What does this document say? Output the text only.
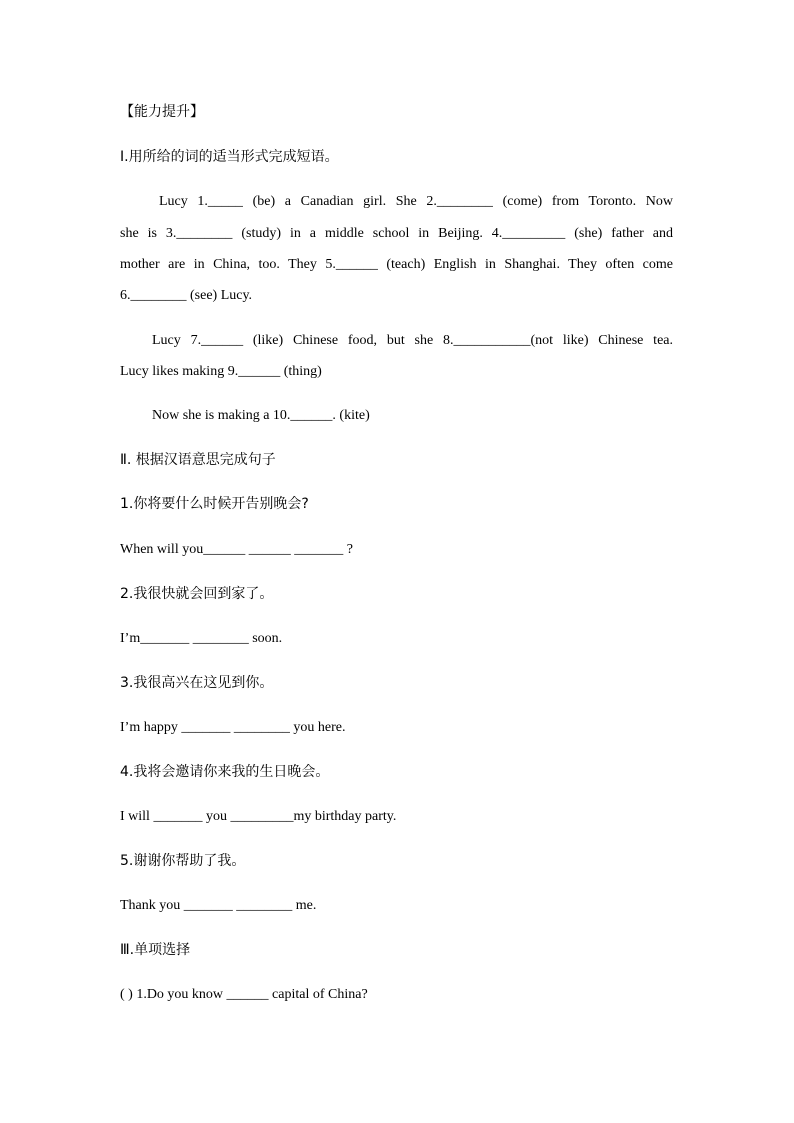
【能力提升】
I.用所给的词的适当形式完成短语。
Lucy 1._____ (be) a Canadian girl. She 2.________ (come) from Toronto. Now
she is 3.________ (study) in a middle school in Beijing. 4._________ (she) father and
mother are in China, too. They 5.______ (teach) English in Shanghai. They often come
6.________ (see) Lucy.
Lucy 7.______ (like) Chinese food, but she 8.___________(not like) Chinese tea.
Lucy likes making 9.______ (thing)
Now she is making a 10.______. (kite)
Ⅱ. 根据汉语意思完成句子
1.你将要什么时候开告别晚会?
When will you______ ______ _______ ?
2.我很快就会回到家了。
I’m_______ ________ soon.
3.我很高兴在这见到你。
I’m happy _______ ________ you here.
4.我将会邀请你来我的生日晚会。
I will _______ you _________my birthday party.
5.谢谢你帮助了我。
Thank you _______ ________ me.
Ⅲ.单项选择
( ) 1.Do you know ______ capital of China?
